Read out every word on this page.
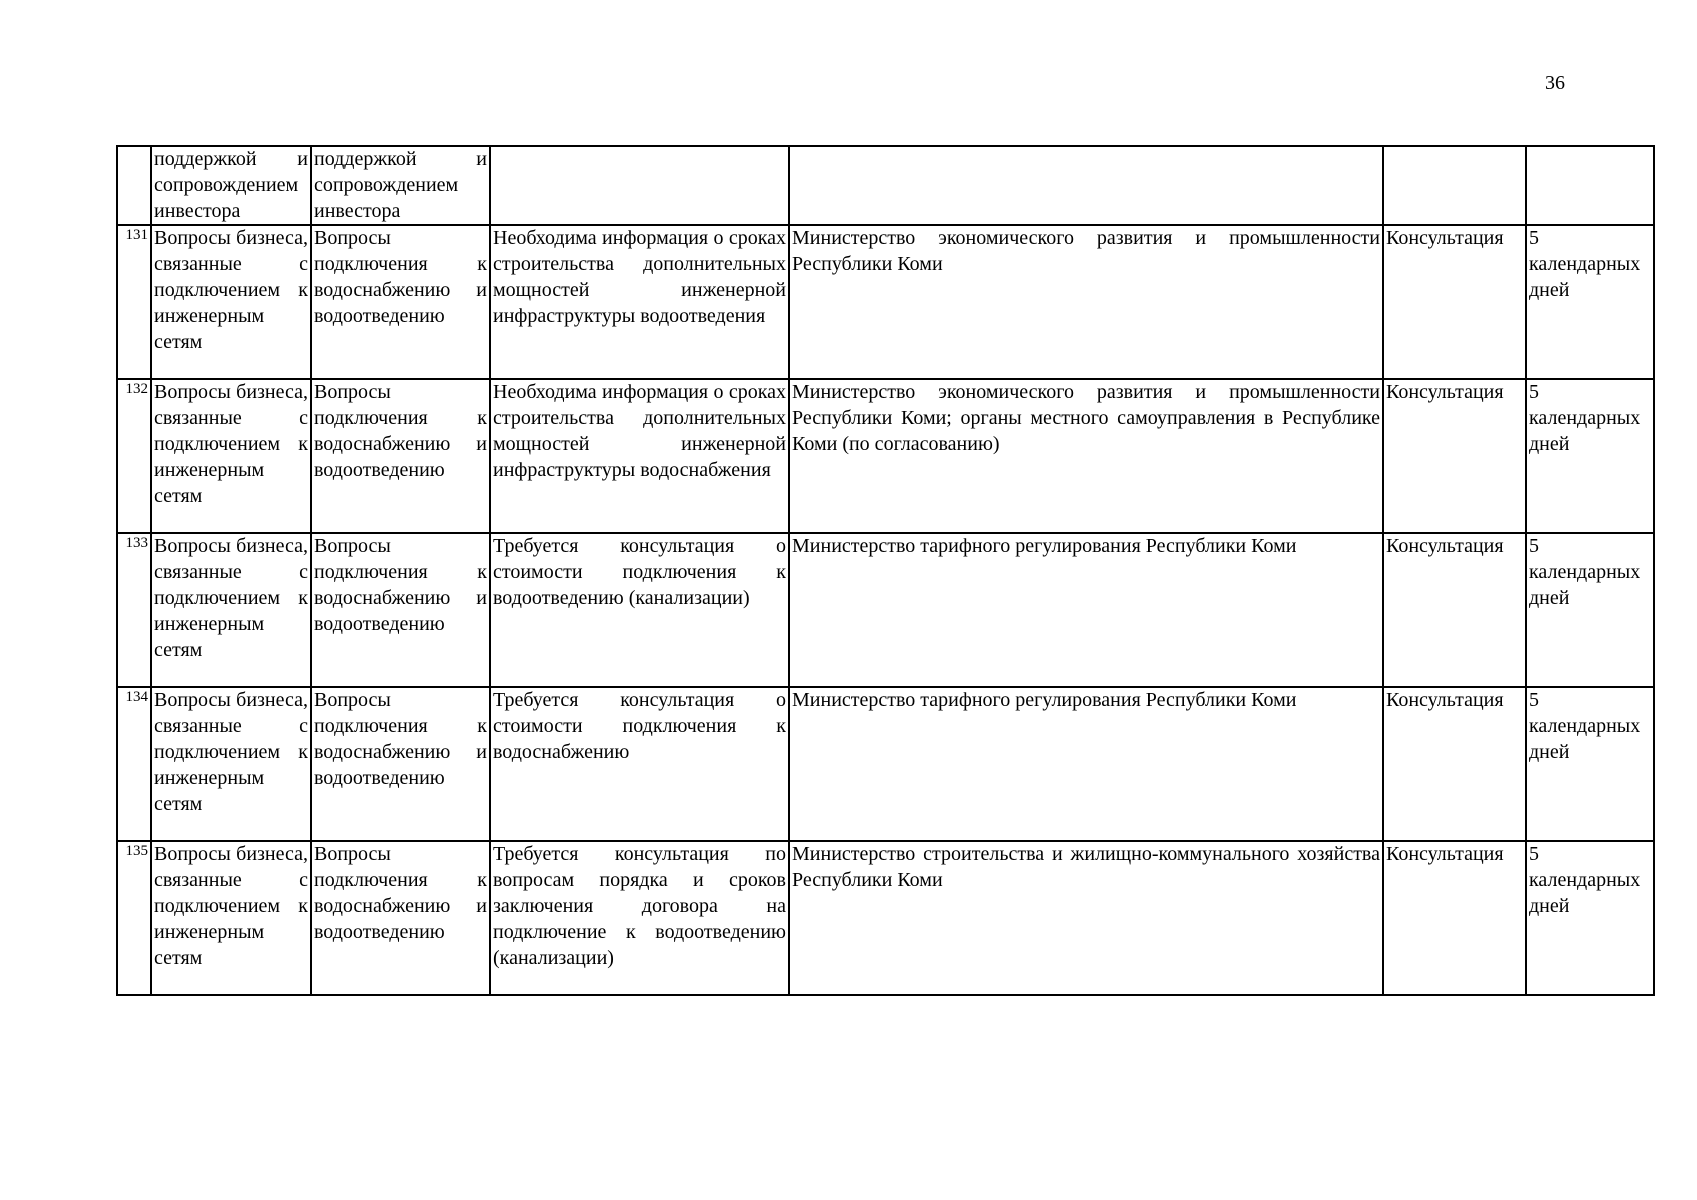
36
	поддержкой и сопровождением инвестора	поддержкой и сопровождением инвестора				
131	Вопросы бизнеса, связанные с подключением к инженерным сетям	Вопросы подключения к водоснабжению и водоотведению	Необходима информация о сроках строительства дополнительных мощностей инженерной инфраструктуры водоотведения	Министерство экономического развития и промышленности Республики Коми	Консультация	5 календарных дней
132	Вопросы бизнеса, связанные с подключением к инженерным сетям	Вопросы подключения к водоснабжению и водоотведению	Необходима информация о сроках строительства дополнительных мощностей инженерной инфраструктуры водоснабжения	Министерство экономического развития и промышленности Республики Коми; органы местного самоуправления в Республике Коми (по согласованию)	Консультация	5 календарных дней
133	Вопросы бизнеса, связанные с подключением к инженерным сетям	Вопросы подключения к водоснабжению и водоотведению	Требуется консультация о стоимости подключения к водоотведению (канализации)	Министерство тарифного регулирования Республики Коми	Консультация	5 календарных дней
134	Вопросы бизнеса, связанные с подключением к инженерным сетям	Вопросы подключения к водоснабжению и водоотведению	Требуется консультация о стоимости подключения к водоснабжению	Министерство тарифного регулирования Республики Коми	Консультация	5 календарных дней
135	Вопросы бизнеса, связанные с подключением к инженерным сетям	Вопросы подключения к водоснабжению и водоотведению	Требуется консультация по вопросам порядка и сроков заключения договора на подключение к водоотведению (канализации)	Министерство строительства и жилищно-коммунального хозяйства Республики Коми	Консультация	5 календарных дней
